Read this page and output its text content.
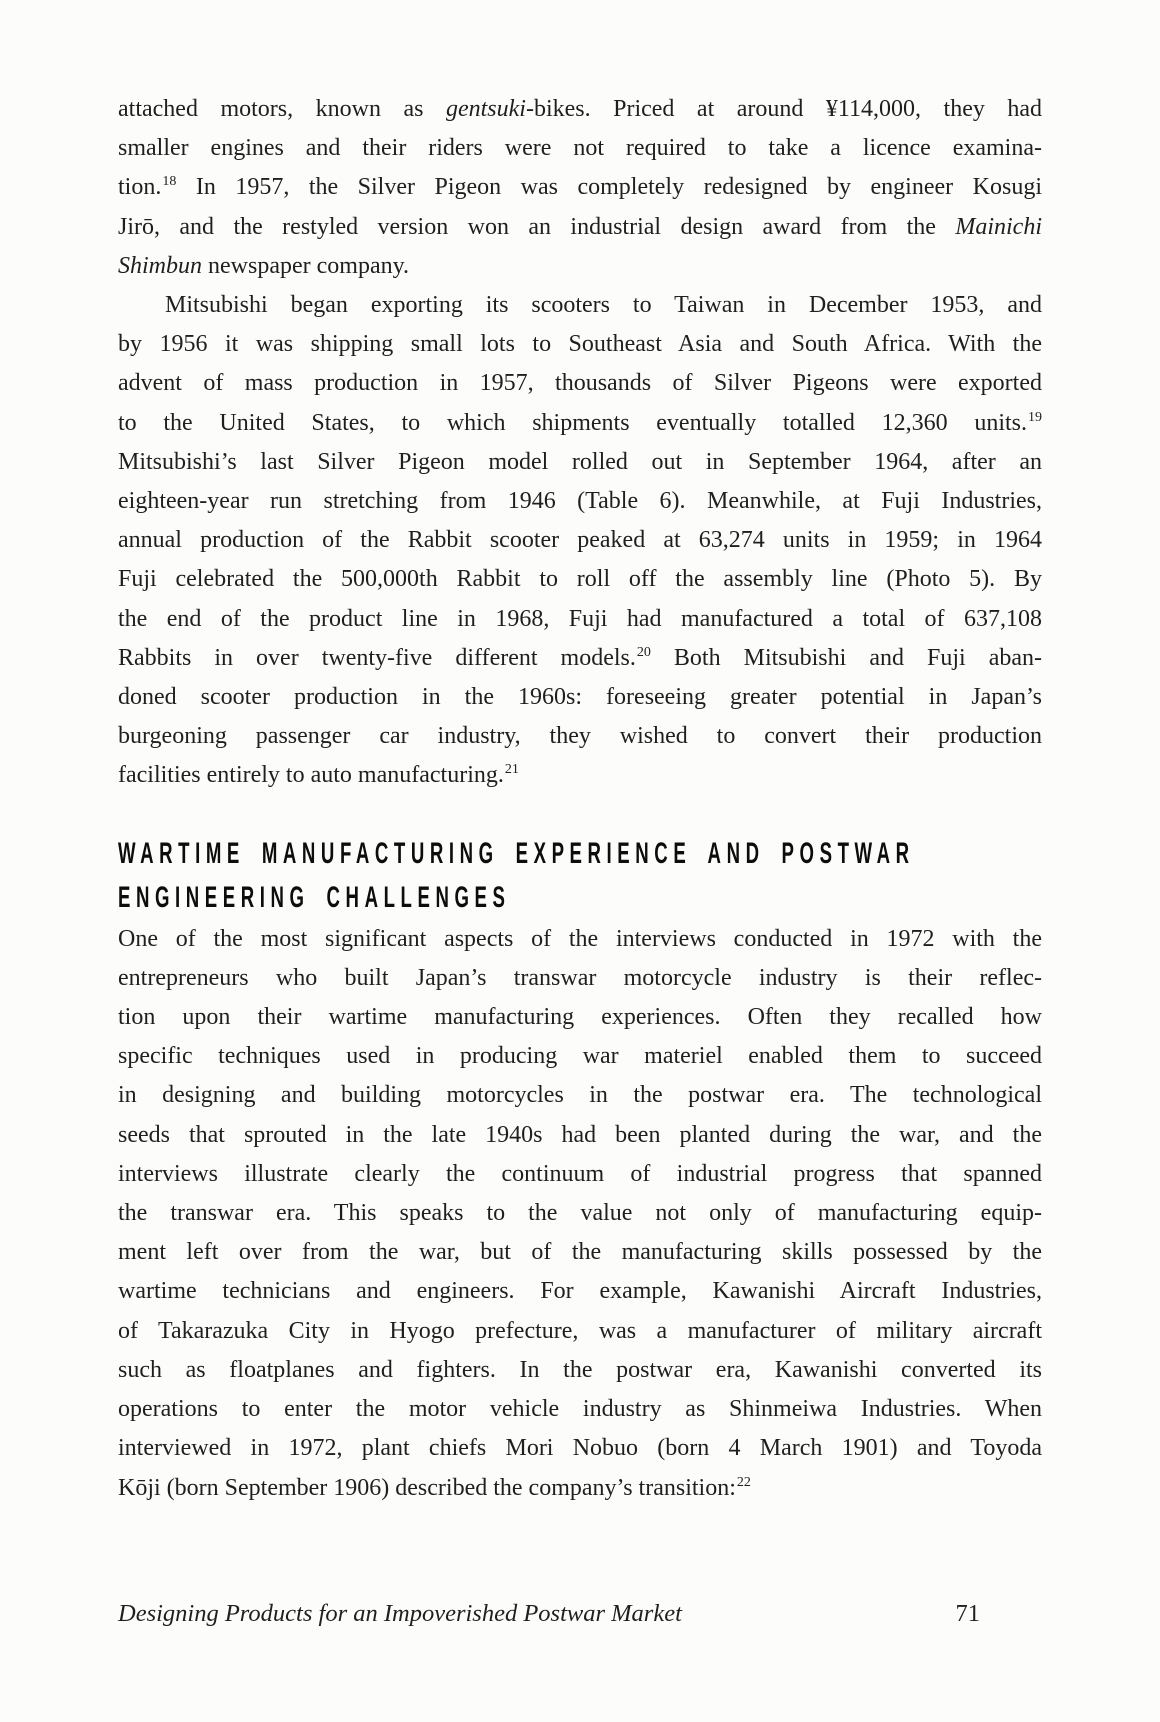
attached motors, known as gentsuki-bikes. Priced at around ¥114,000, they had
smaller engines and their riders were not required to take a licence examina-
tion.$^{18}$ In 1957, the Silver Pigeon was completely redesigned by engineer Kosugi
Jirō, and the restyled version won an industrial design award from the Mainichi
Shimbun newspaper company.
Mitsubishi began exporting its scooters to Taiwan in December 1953, and
by 1956 it was shipping small lots to Southeast Asia and South Africa. With the
advent of mass production in 1957, thousands of Silver Pigeons were exported
to the United States, to which shipments eventually totalled 12,360 units.$^{19}$
Mitsubishi’s last Silver Pigeon model rolled out in September 1964, after an
eighteen-year run stretching from 1946 (Table 6). Meanwhile, at Fuji Industries,
annual production of the Rabbit scooter peaked at 63,274 units in 1959; in 1964
Fuji celebrated the 500,000th Rabbit to roll off the assembly line (Photo 5). By
the end of the product line in 1968, Fuji had manufactured a total of 637,108
Rabbits in over twenty-five different models.$^{20}$ Both Mitsubishi and Fuji aban-
doned scooter production in the 1960s: foreseeing greater potential in Japan’s
burgeoning passenger car industry, they wished to convert their production
facilities entirely to auto manufacturing.$^{21}$
WARTIME MANUFACTURING EXPERIENCE AND POSTWAR
ENGINEERING CHALLENGES
One of the most significant aspects of the interviews conducted in 1972 with the
entrepreneurs who built Japan’s transwar motorcycle industry is their reflec-
tion upon their wartime manufacturing experiences. Often they recalled how
specific techniques used in producing war materiel enabled them to succeed
in designing and building motorcycles in the postwar era. The technological
seeds that sprouted in the late 1940s had been planted during the war, and the
interviews illustrate clearly the continuum of industrial progress that spanned
the transwar era. This speaks to the value not only of manufacturing equip-
ment left over from the war, but of the manufacturing skills possessed by the
wartime technicians and engineers. For example, Kawanishi Aircraft Industries,
of Takarazuka City in Hyogo prefecture, was a manufacturer of military aircraft
such as floatplanes and fighters. In the postwar era, Kawanishi converted its
operations to enter the motor vehicle industry as Shinmeiwa Industries. When
interviewed in 1972, plant chiefs Mori Nobuo (born 4 March 1901) and Toyoda
Kōji (born September 1906) described the company’s transition:$^{22}$
Designing Products for an Impoverished Postwar Market	71
